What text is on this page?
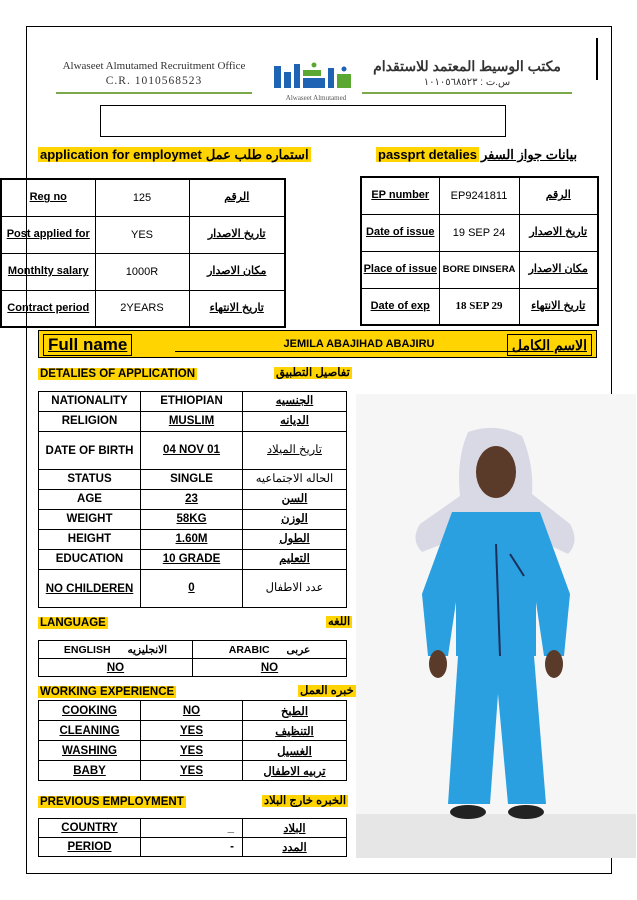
Alwaseet Almutamed Recruitment Office
C.R. 1010568523
Alwaseet Almutamed
مكتب الوسيط المعتمد للاستقدام
س.ت : ١٠١٠٥٦٨٥٢٣
application for employmet استماره طلب عمل	passprt detalies بيانات جواز السفر
Reg no	125	الرقم
Post applied for	YES	تاريخ الاصدار
Monthlty salary	1000R	مكان الاصدار
Contract period	2YEARS	تاريخ الانتهاء
EP number	EP9241811	الرقم
Date of issue	19 SEP 24	تاريخ الاصدار
Place of issue	BORE DINSERA	مكان الاصدار
Date of exp	18 SEP 29	تاريخ الانتهاء
Full name	JEMILA ABAJIHAD ABAJIRU	الاسم الكامل
DETALIES OF APPLICATION	تفاصيل التطبيق
NATIONALITY	ETHIOPIAN	الجنسيه
RELIGION	MUSLIM	الديانه
DATE OF BIRTH	04 NOV 01	تاريخ الميلاد
STATUS	SINGLE	الحاله الاجتماعيه
AGE	23	السن
WEIGHT	58KG	الوزن
HEIGHT	1.60M	الطول
EDUCATION	10 GRADE	التعليم
NO CHILDEREN	0	عدد الاطفال
LANGUAGE	اللغه
ENGLISH الانجليزيه	ARABIC عربى
NO	NO
WORKING EXPERIENCE	خبره العمل
COOKING	NO	الطبخ
CLEANING	YES	التنظيف
WASHING	YES	الغسيل
BABY	YES	تربيه الاطفال
PREVIOUS EMPLOYMENT	الخبره خارج البلاد
COUNTRY	_	البلاد
PERIOD	-	المدد
